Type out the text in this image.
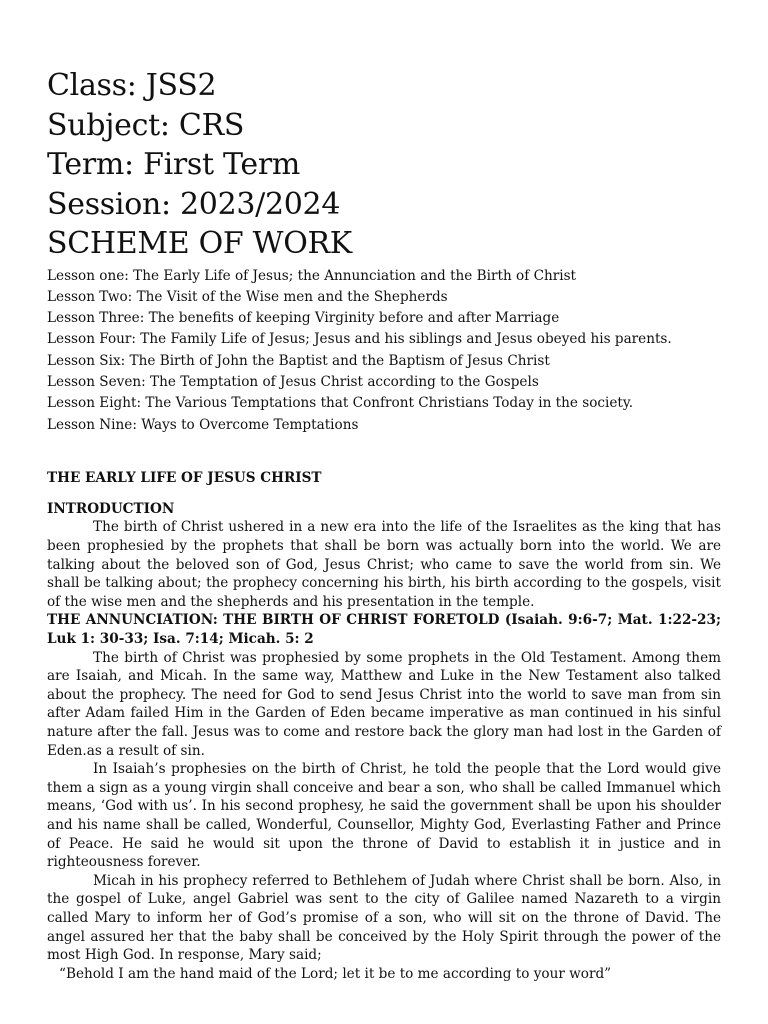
Class: JSS2
Subject: CRS
Term: First Term
Session: 2023/2024
SCHEME OF WORK

Lesson one: The Early Life of Jesus; the Annunciation and the Birth of Christ

Lesson Two: The Visit of the Wise men and the Shepherds

Lesson Three: The benefits of keeping Virginity before and after Marriage

Lesson Four: The Family Life of Jesus; Jesus and his siblings and Jesus obeyed his parents.

Lesson Six: The Birth of John the Baptist and the Baptism of Jesus Christ

Lesson Seven: The Temptation of Jesus Christ according to the Gospels

Lesson Eight: The Various Temptations that Confront Christians Today in the society.

Lesson Nine: Ways to Overcome Temptations

THE EARLY LIFE OF JESUS CHRIST
INTRODUCTION

The birth of Christ ushered in a new era into the life of the Israelites as the king that has been prophesied by the prophets that shall be born was actually born into the world. We are talking about the beloved son of God, Jesus Christ; who came to save the world from sin. We shall be talking about; the prophecy concerning his birth, his birth according to the gospels, visit of the wise men and the shepherds and his presentation in the temple.

THE ANNUNCIATION: THE BIRTH OF CHRIST FORETOLD (Isaiah. 9:6-7; Mat. 1:22-23; Luk 1: 30-33; Isa. 7:14; Micah. 5: 2

The birth of Christ was prophesied by some prophets in the Old Testament. Among them are Isaiah, and Micah. In the same way, Matthew and Luke in the New Testament also talked about the prophecy. The need for God to send Jesus Christ into the world to save man from sin after Adam failed Him in the Garden of Eden became imperative as man continued in his sinful nature after the fall. Jesus was to come and restore back the glory man had lost in the Garden of Eden.as a result of sin.

In Isaiah’s prophesies on the birth of Christ, he told the people that the Lord would give them a sign as a young virgin shall conceive and bear a son, who shall be called Immanuel which means, ‘God with us’. In his second prophesy, he said the government shall be upon his shoulder and his name shall be called, Wonderful, Counsellor, Mighty God, Everlasting Father and Prince of Peace. He said he would sit upon the throne of David to establish it in justice and in righteousness forever.

Micah in his prophecy referred to Bethlehem of Judah where Christ shall be born. Also, in the gospel of Luke, angel Gabriel was sent to the city of Galilee named Nazareth to a virgin called Mary to inform her of God’s promise of a son, who will sit on the throne of David. The angel assured her that the baby shall be conceived by the Holy Spirit through the power of the most High God. In response, Mary said;

“Behold I am the hand maid of the Lord; let it be to me according to your word”
